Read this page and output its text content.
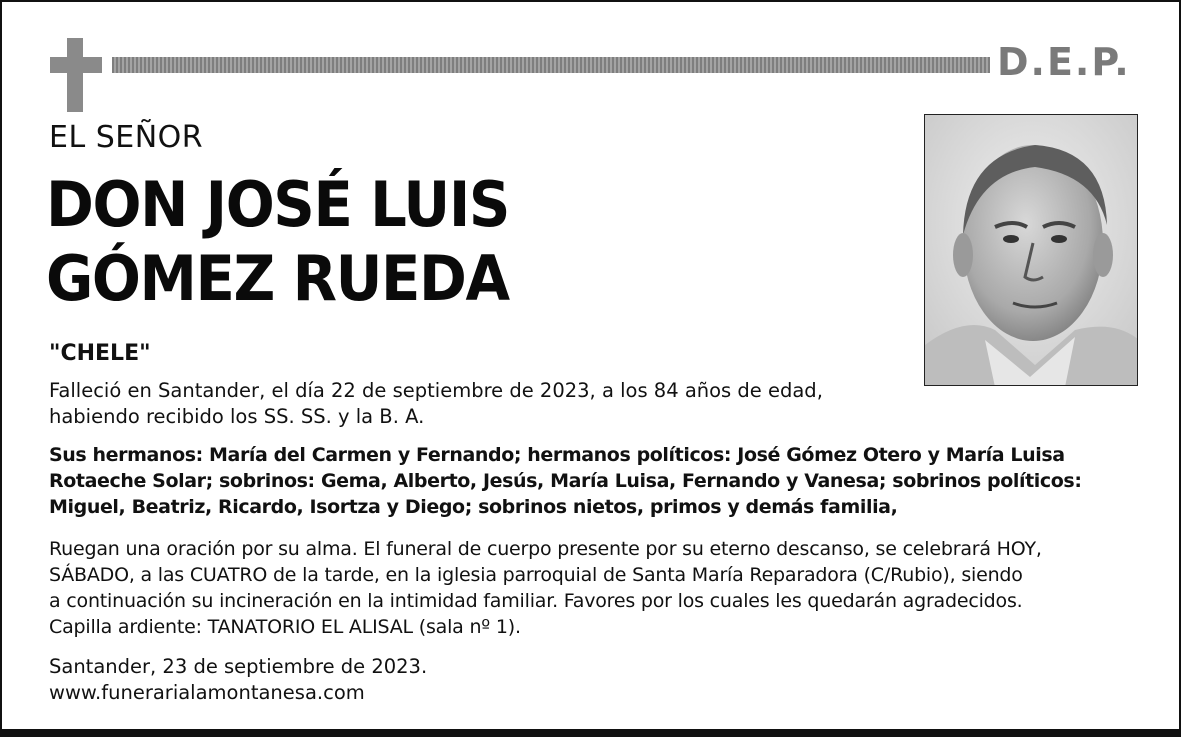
D.E.P.
EL SEÑOR
DON JOSÉ LUIS
GÓMEZ RUEDA
"CHELE"
Falleció en Santander, el día 22 de septiembre de 2023, a los 84 años de edad,
habiendo recibido los SS. SS. y la B. A.
Sus hermanos: María del Carmen y Fernando; hermanos políticos: José Gómez Otero y María Luisa
Rotaeche Solar; sobrinos: Gema, Alberto, Jesús, María Luisa, Fernando y Vanesa; sobrinos políticos:
Miguel, Beatriz, Ricardo, Isortza y Diego; sobrinos nietos, primos y demás familia,
Ruegan una oración por su alma. El funeral de cuerpo presente por su eterno descanso, se celebrará HOY,
SÁBADO, a las CUATRO de la tarde, en la iglesia parroquial de Santa María Reparadora (C/Rubio), siendo
a continuación su incineración en la intimidad familiar. Favores por los cuales les quedarán agradecidos.
Capilla ardiente: TANATORIO EL ALISAL (sala nº 1).
Santander, 23 de septiembre de 2023.
www.funerarialamontanesa.com
